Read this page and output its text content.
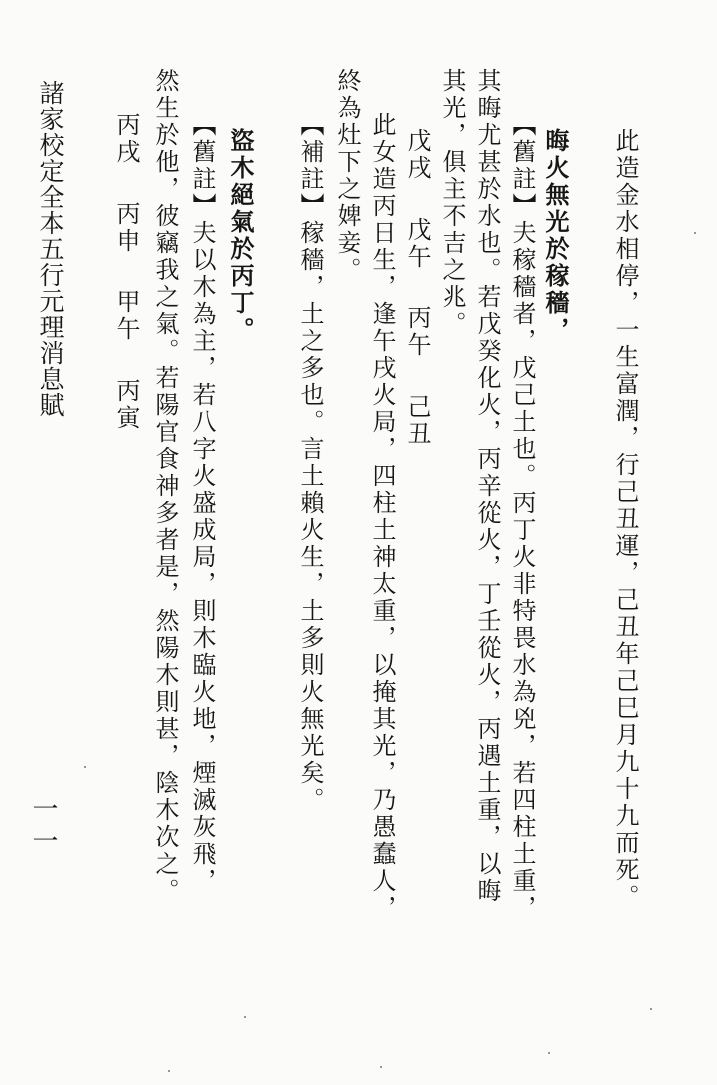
此造金水相停，一生富潤，行己丑運，己丑年己巳月九十九而死。
晦火無光於稼穡，
【舊註】夫稼穡者，戊己土也。丙丁火非特畏水為兇，若四柱土重，
其晦尤甚於水也。若戊癸化火，丙辛從火，丁壬從火，丙遇土重，以晦
其光，俱主不吉之兆。
戊戌 戊午 丙午 己丑
此女造丙日生，逢午戌火局，四柱土神太重，以掩其光，乃愚蠢人，
終為灶下之婢妾。
【補註】稼穡，土之多也。言土賴火生，土多則火無光矣。
盜木絕氣於丙丁。
【舊註】夫以木為主，若八字火盛成局，則木臨火地，煙滅灰飛，
然生於他，彼竊我之氣。若陽官食神多者是，然陽木則甚，陰木次之。
丙戌 丙申 甲午 丙寅
諸家校定全本五行元理消息賦
一一
